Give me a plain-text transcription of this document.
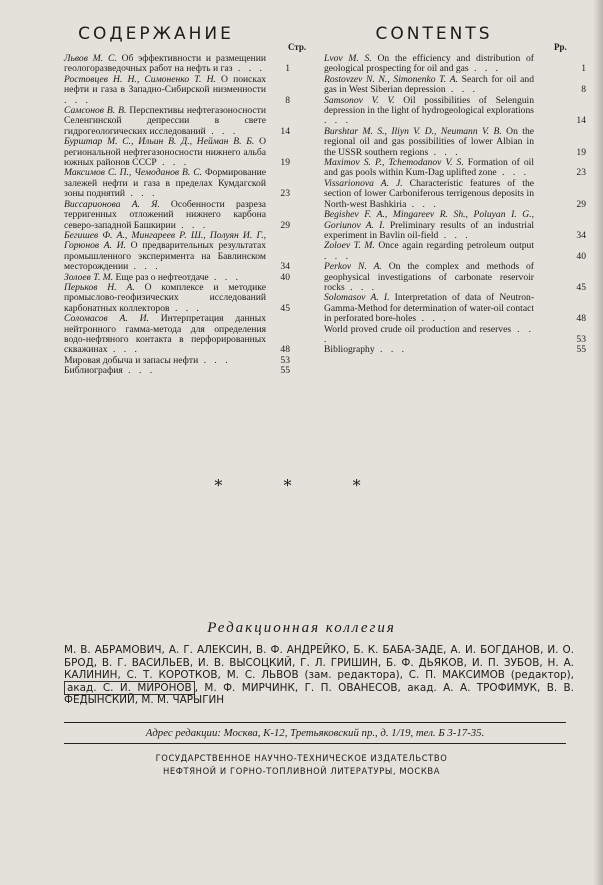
СОДЕРЖАНИЕ
Стр.
Львов М. С. Об эффективности и размещении геологоразведочных работ на нефть и газ . . . 1
Ростовцев Н. Н., Симоненко Т. Н. О поисках нефти и газа в Западно-Сибирской низменности . . .	8
Самсонов В. В. Перспективы нефтегазоносности Селенгинской депрессии в свете гидрогеологических исследований . . .	14
Бурштар М. С., Ильин В. Д., Нейман В. Б. О региональной нефтегазоносности нижнего альба южных районов СССР . . .	19
Максимов С. П., Чемоданов В. С. Формирование залежей нефти и газа в пределах Кумдагской зоны поднятий . . .	23
Виссарионова А. Я. Особенности разреза терригенных отложений нижнего карбона северо-западной Башкирии . . .	29
Бегишев Ф. А., Мингареев Р. Ш., Полуян И. Г., Горюнов А. И. О предварительных результатах промышленного эксперимента на Бавлинском месторождении . . .	34
Золоев Т. М. Еще раз о нефтеотдаче . . .	40
Перьков Н. А. О комплексе и методике промыслово-геофизических исследований карбонатных коллекторов . . .	45
Соломасов А. И. Интерпретация данных нейтронного гамма-метода для определения водо-нефтяного контакта в перфорированных скважинах . . .	48
Мировая добыча и запасы нефти . . .	53
Библиография . . .	55
CONTENTS
Pp.
Lvov M. S. On the efficiency and distribution of geological prospecting for oil and gas . . .	1
Rostovzev N. N., Simonenko T. A. Search for oil and gas in West Siberian depression . . .	8
Samsonov V. V. Oil possibilities of Selenguin depression in the light of hydrogeological explorations . . .	14
Burshtar M. S., Iliyn V. D., Neumann V. B. On the regional oil and gas possibilities of lower Albian in the USSR southern regions . . .	19
Maximov S. P., Tchemodanov V. S. Formation of oil and gas pools within Kum-Dag uplifted zone . . .	23
Vissarionova A. J. Characteristic features of the section of lower Carboniferous terrigenous deposits in North-west Bashkiria . . .	29
Begishev F. A., Mingareev R. Sh., Poluyan I. G., Goriunov A. I. Preliminary results of an industrial experiment in Bavlin oil-field . . .	34
Zoloev T. M. Once again regarding petroleum output . . .	40
Perkov N. A. On the complex and methods of geophysical investigations of carbonate reservoir rocks . . .	45
Solomasov A. I. Interpretation of data of Neutron-Gamma-Method for determination of water-oil contact in perforated bore-holes . . .	48
World proved crude oil production and reserves . . .	53
Bibliography . . .	55
* * *
Редакционная коллегия
М. В. АБРАМОВИЧ, А. Г. АЛЕКСИН, В. Ф. АНДРЕЙКО, Б. К. БАБА-ЗАДЕ, А. И. БОГДАНОВ, И. О. БРОД, В. Г. ВАСИЛЬЕВ, И. В. ВЫСОЦКИЙ, Г. Л. ГРИШИН, Б. Ф. ДЬЯКОВ, И. П. ЗУБОВ, Н. А. КАЛИНИН, С. Т. КОРОТКОВ, М. С. ЛЬВОВ (зам. редактора), С. П. МАКСИМОВ (редактор), акад. С. И. МИРОНОВ , М. Ф. МИРЧИНК, Г. П. ОВАНЕСОВ, акад. А. А. ТРОФИМУК, В. В. ФЕДЫНСКИЙ, М. М. ЧАРЫГИН
Адрес редакции: Москва, К-12, Третьяковский пр., д. 1/19, тел. Б 3-17-35.
ГОСУДАРСТВЕННОЕ НАУЧНО-ТЕХНИЧЕСКОЕ ИЗДАТЕЛЬСТВО
НЕФТЯНОЙ И ГОРНО-ТОПЛИВНОЙ ЛИТЕРАТУРЫ, МОСКВА
